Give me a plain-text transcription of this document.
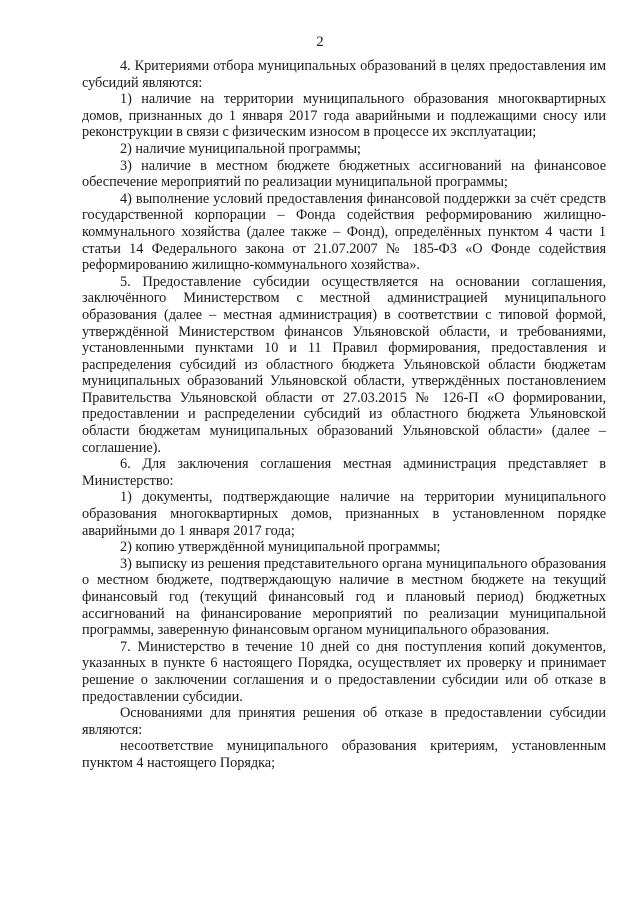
2

4. Критериями отбора муниципальных образований в целях предоставления им субсидий являются:

1) наличие на территории муниципального образования многоквартирных домов, признанных до 1 января 2017 года аварийными и подлежащими сносу или реконструкции в связи с физическим износом в процессе их эксплуатации;

2) наличие муниципальной программы;

3) наличие в местном бюджете бюджетных ассигнований на финансовое обеспечение мероприятий по реализации муниципальной программы;

4) выполнение условий предоставления финансовой поддержки за счёт средств государственной корпорации – Фонда содействия реформированию жилищно-коммунального хозяйства (далее также – Фонд), определённых пунктом 4 части 1 статьи 14 Федерального закона от 21.07.2007 № 185-ФЗ «О Фонде содействия реформированию жилищно-коммунального хозяйства».

5. Предоставление субсидии осуществляется на основании соглашения, заключённого Министерством с местной администрацией муниципального образования (далее – местная администрация) в соответствии с типовой формой, утверждённой Министерством финансов Ульяновской области, и требованиями, установленными пунктами 10 и 11 Правил формирования, предоставления и распределения субсидий из областного бюджета Ульяновской области бюджетам муниципальных образований Ульяновской области, утверждённых постановлением Правительства Ульяновской области от 27.03.2015 № 126-П «О формировании, предоставлении и распределении субсидий из областного бюджета Ульяновской области бюджетам муниципальных образований Ульяновской области» (далее – соглашение).

6. Для заключения соглашения местная администрация представляет в Министерство:

1) документы, подтверждающие наличие на территории муниципального образования многоквартирных домов, признанных в установленном порядке аварийными до 1 января 2017 года;

2) копию утверждённой муниципальной программы;

3) выписку из решения представительного органа муниципального образования о местном бюджете, подтверждающую наличие в местном бюджете на текущий финансовый год (текущий финансовый год и плановый период) бюджетных ассигнований на финансирование мероприятий по реализации муниципальной программы, заверенную финансовым органом муниципального образования.

7. Министерство в течение 10 дней со дня поступления копий документов, указанных в пункте 6 настоящего Порядка, осуществляет их проверку и принимает решение о заключении соглашения и о предоставлении субсидии или об отказе в предоставлении субсидии.

Основаниями для принятия решения об отказе в предоставлении субсидии являются:

несоответствие муниципального образования критериям, установленным пунктом 4 настоящего Порядка;
